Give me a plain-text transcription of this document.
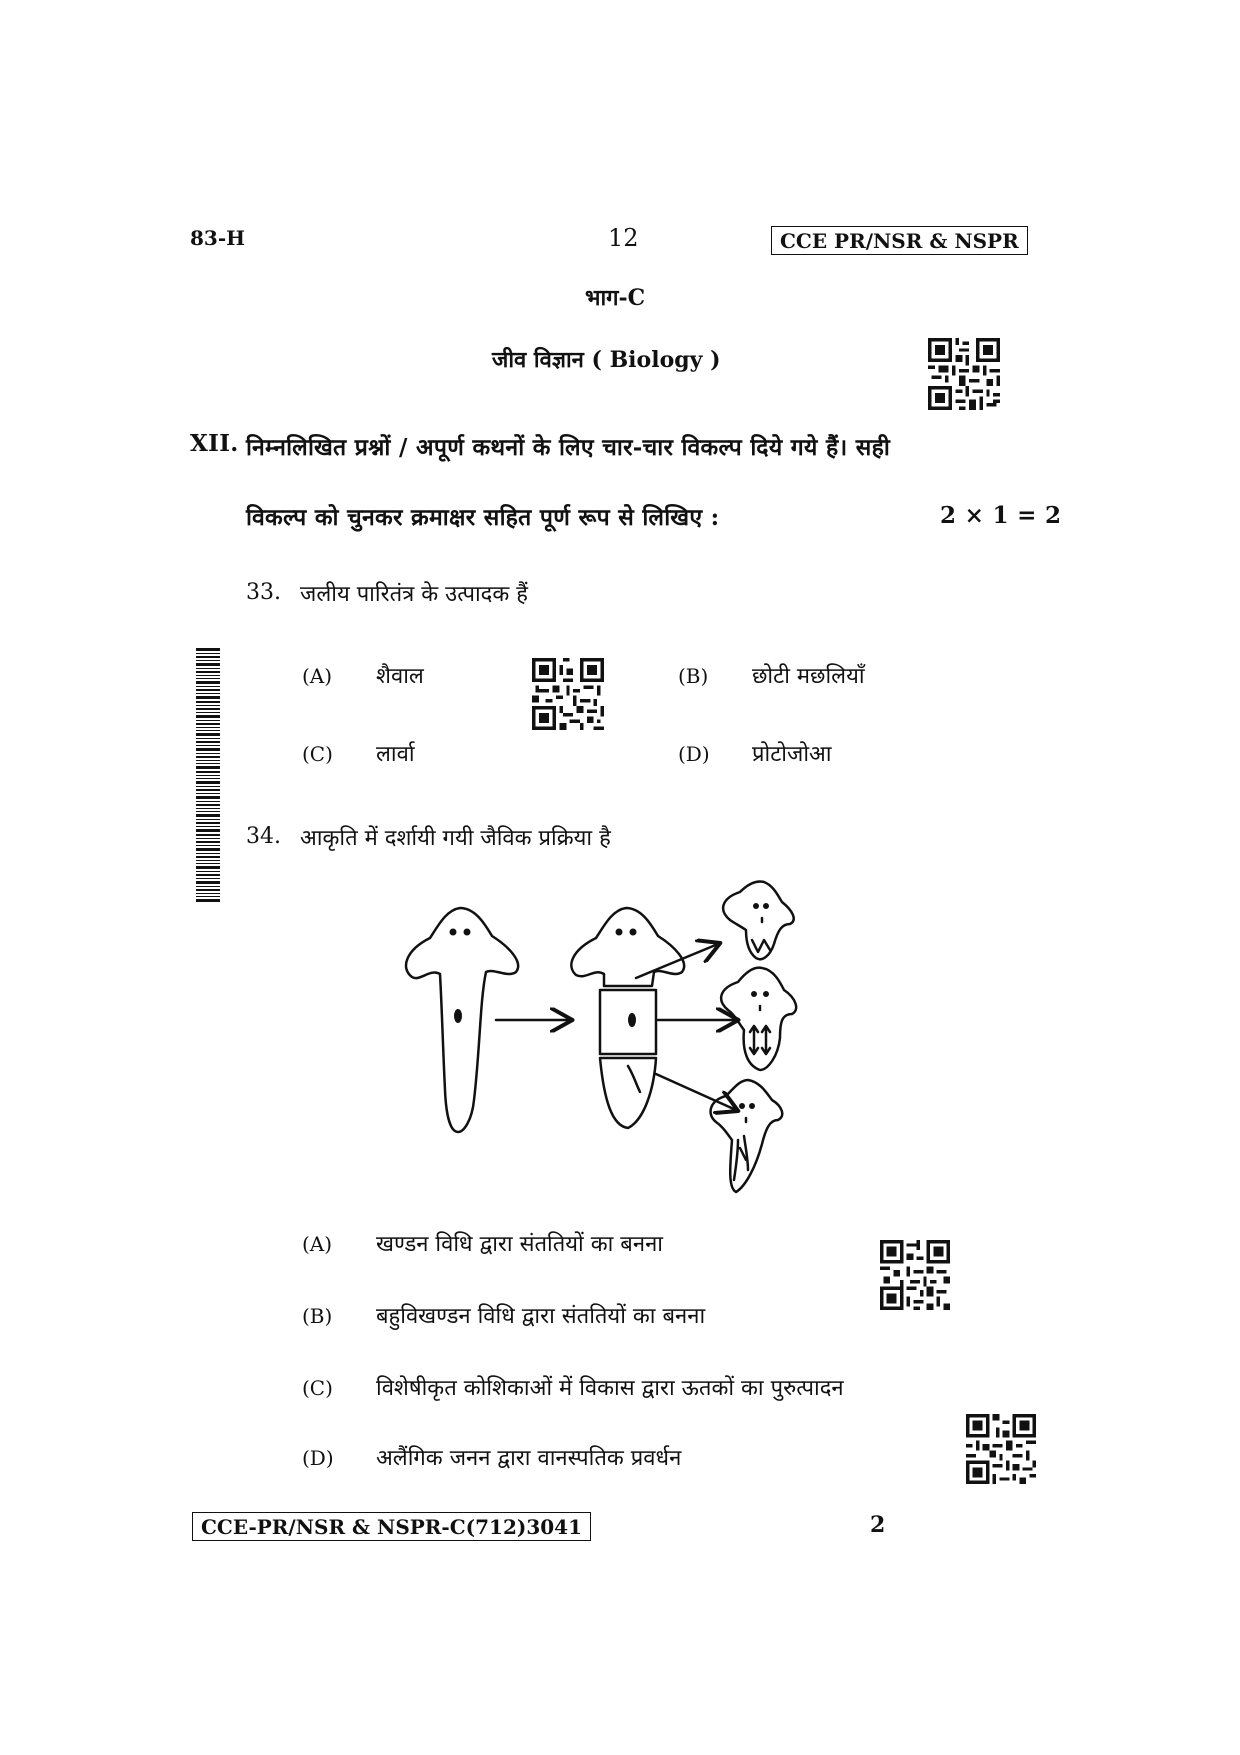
83-H	12	CCE PR/NSR & NSPR
भाग-C
जीव विज्ञान ( Biology )
XII. निम्नलिखित प्रश्नों / अपूर्ण कथनों के लिए चार-चार विकल्प दिये गये हैं। सही
विकल्प को चुनकर क्रमाक्षर सहित पूर्ण रूप से लिखिए :	2 × 1 = 2
33. जलीय पारितंत्र के उत्पादक हैं
(A) शैवाल	(B) छोटी मछलियाँ
(C) लार्वा	(D) प्रोटोजोआ
34. आकृति में दर्शायी गयी जैविक प्रक्रिया है
(A) खण्डन विधि द्वारा संततियों का बनना
(B) बहुविखण्डन विधि द्वारा संततियों का बनना
(C) विशेषीकृत कोशिकाओं में विकास द्वारा ऊतकों का पुरुत्पादन
(D) अलैंगिक जनन द्वारा वानस्पतिक प्रवर्धन
CCE-PR/NSR & NSPR-C(712)3041	2
